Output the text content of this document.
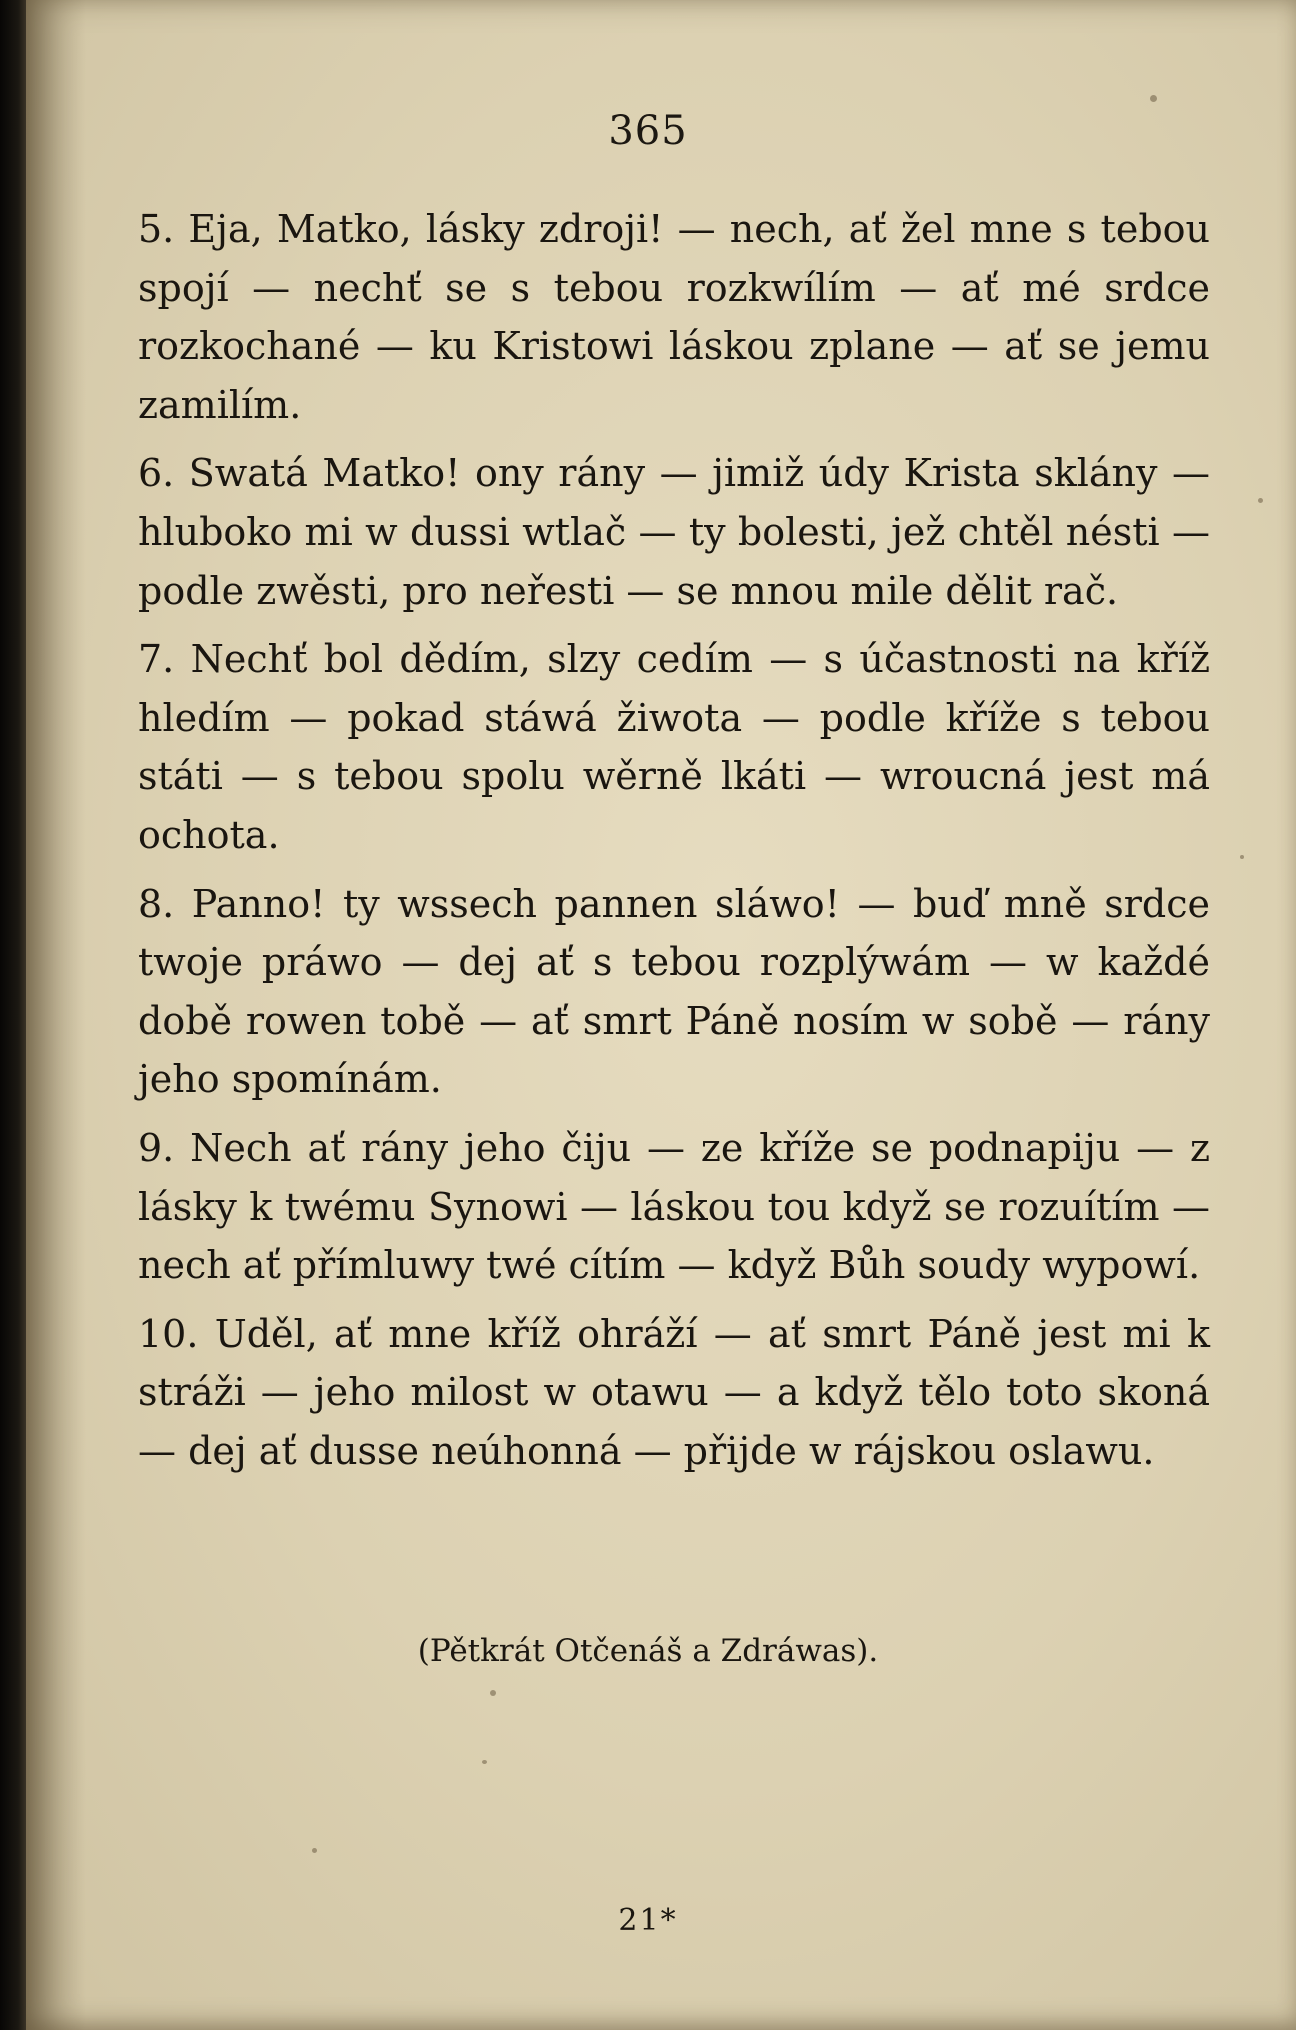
365

5. Eja, Matko, lásky zdroji! — nech, ať žel mne s tebou spojí — nechť se s tebou rozkwílím — ať mé srdce rozkochané — ku Kristowi láskou zplane — ať se jemu zamilím.

6. Swatá Matko! ony rány — jimiž údy Krista sklány — hluboko mi w dussi wtlač — ty bolesti, jež chtěl nésti — podle zwěsti, pro neřesti — se mnou mile dělit rač.

7. Nechť bol dědím, slzy cedím — s účastnosti na kříž hledím — pokad stáwá žiwota — podle kříže s tebou státi — s tebou spolu wěrně lkáti — wroucná jest má ochota.

8. Panno! ty wssech pannen sláwo! — buď mně srdce twoje práwo — dej ať s tebou rozplýwám — w každé době rowen tobě — ať smrt Páně nosím w sobě — rány jeho spomínám.

9. Nech ať rány jeho čiju — ze kříže se podnapiju — z lásky k twému Synowi — láskou tou když se rozuítím — nech ať přímluwy twé cítím — když Bůh soudy wypowí.

10. Uděl, ať mne kříž ohráží — ať smrt Páně jest mi k stráži — jeho milost w otawu — a když tělo toto skoná — dej ať dusse neúhonná — přijde w rájskou oslawu.

(Pětkrát Otčenáš a Zdráwas).
21*
